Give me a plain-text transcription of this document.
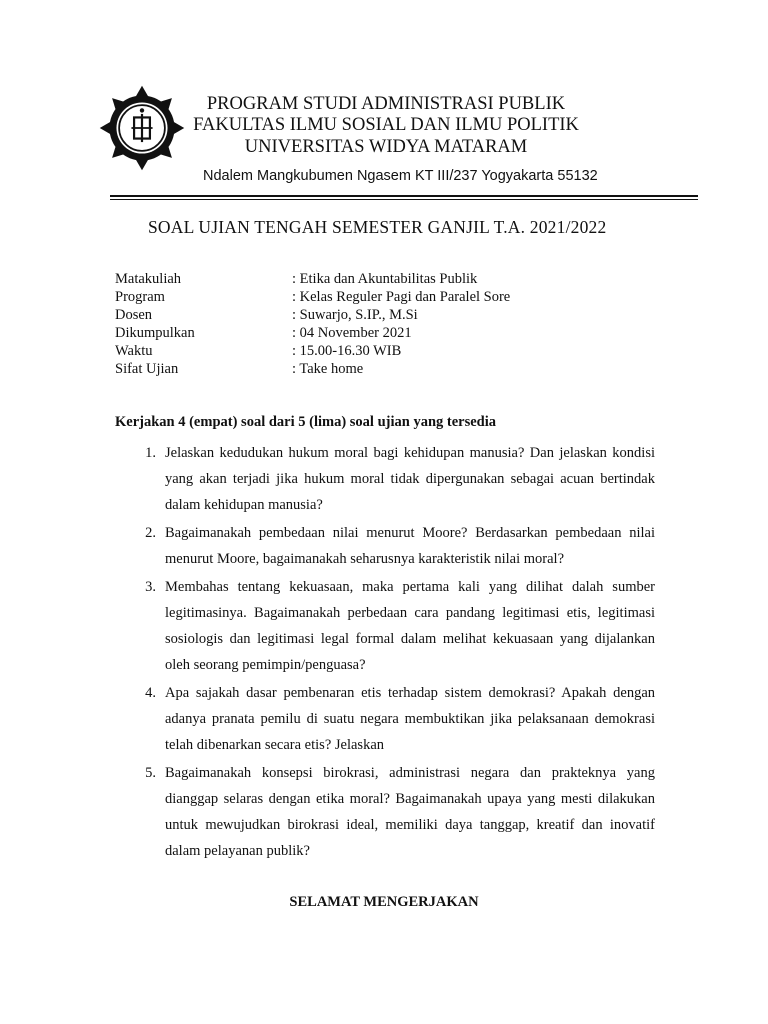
PROGRAM STUDI ADMINISTRASI PUBLIK
FAKULTAS ILMU SOSIAL DAN ILMU POLITIK
UNIVERSITAS WIDYA MATARAM
Ndalem Mangkubumen Ngasem KT III/237 Yogyakarta 55132
SOAL UJIAN TENGAH SEMESTER GANJIL T.A. 2021/2022
Matakuliah	: Etika dan Akuntabilitas Publik
Program	: Kelas Reguler Pagi dan Paralel Sore
Dosen	: Suwarjo, S.IP., M.Si
Dikumpulkan	: 04 November 2021
Waktu	: 15.00-16.30 WIB
Sifat Ujian	: Take home
Kerjakan 4 (empat) soal dari 5 (lima) soal ujian yang tersedia
1. Jelaskan kedudukan hukum moral bagi kehidupan manusia? Dan jelaskan kondisi yang akan terjadi jika hukum moral tidak dipergunakan sebagai acuan bertindak dalam kehidupan manusia?
2. Bagaimanakah pembedaan nilai menurut Moore? Berdasarkan pembedaan nilai menurut Moore, bagaimanakah seharusnya karakteristik nilai moral?
3. Membahas tentang kekuasaan, maka pertama kali yang dilihat dalah sumber legitimasinya. Bagaimanakah perbedaan cara pandang legitimasi etis, legitimasi sosiologis dan legitimasi legal formal dalam melihat kekuasaan yang dijalankan oleh seorang pemimpin/penguasa?
4. Apa sajakah dasar pembenaran etis terhadap sistem demokrasi? Apakah dengan adanya pranata pemilu di suatu negara membuktikan jika pelaksanaan demokrasi telah dibenarkan secara etis? Jelaskan
5. Bagaimanakah konsepsi birokrasi, administrasi negara dan prakteknya yang dianggap selaras dengan etika moral? Bagaimanakah upaya yang mesti dilakukan untuk mewujudkan birokrasi ideal, memiliki daya tanggap, kreatif dan inovatif dalam pelayanan publik?
SELAMAT MENGERJAKAN
